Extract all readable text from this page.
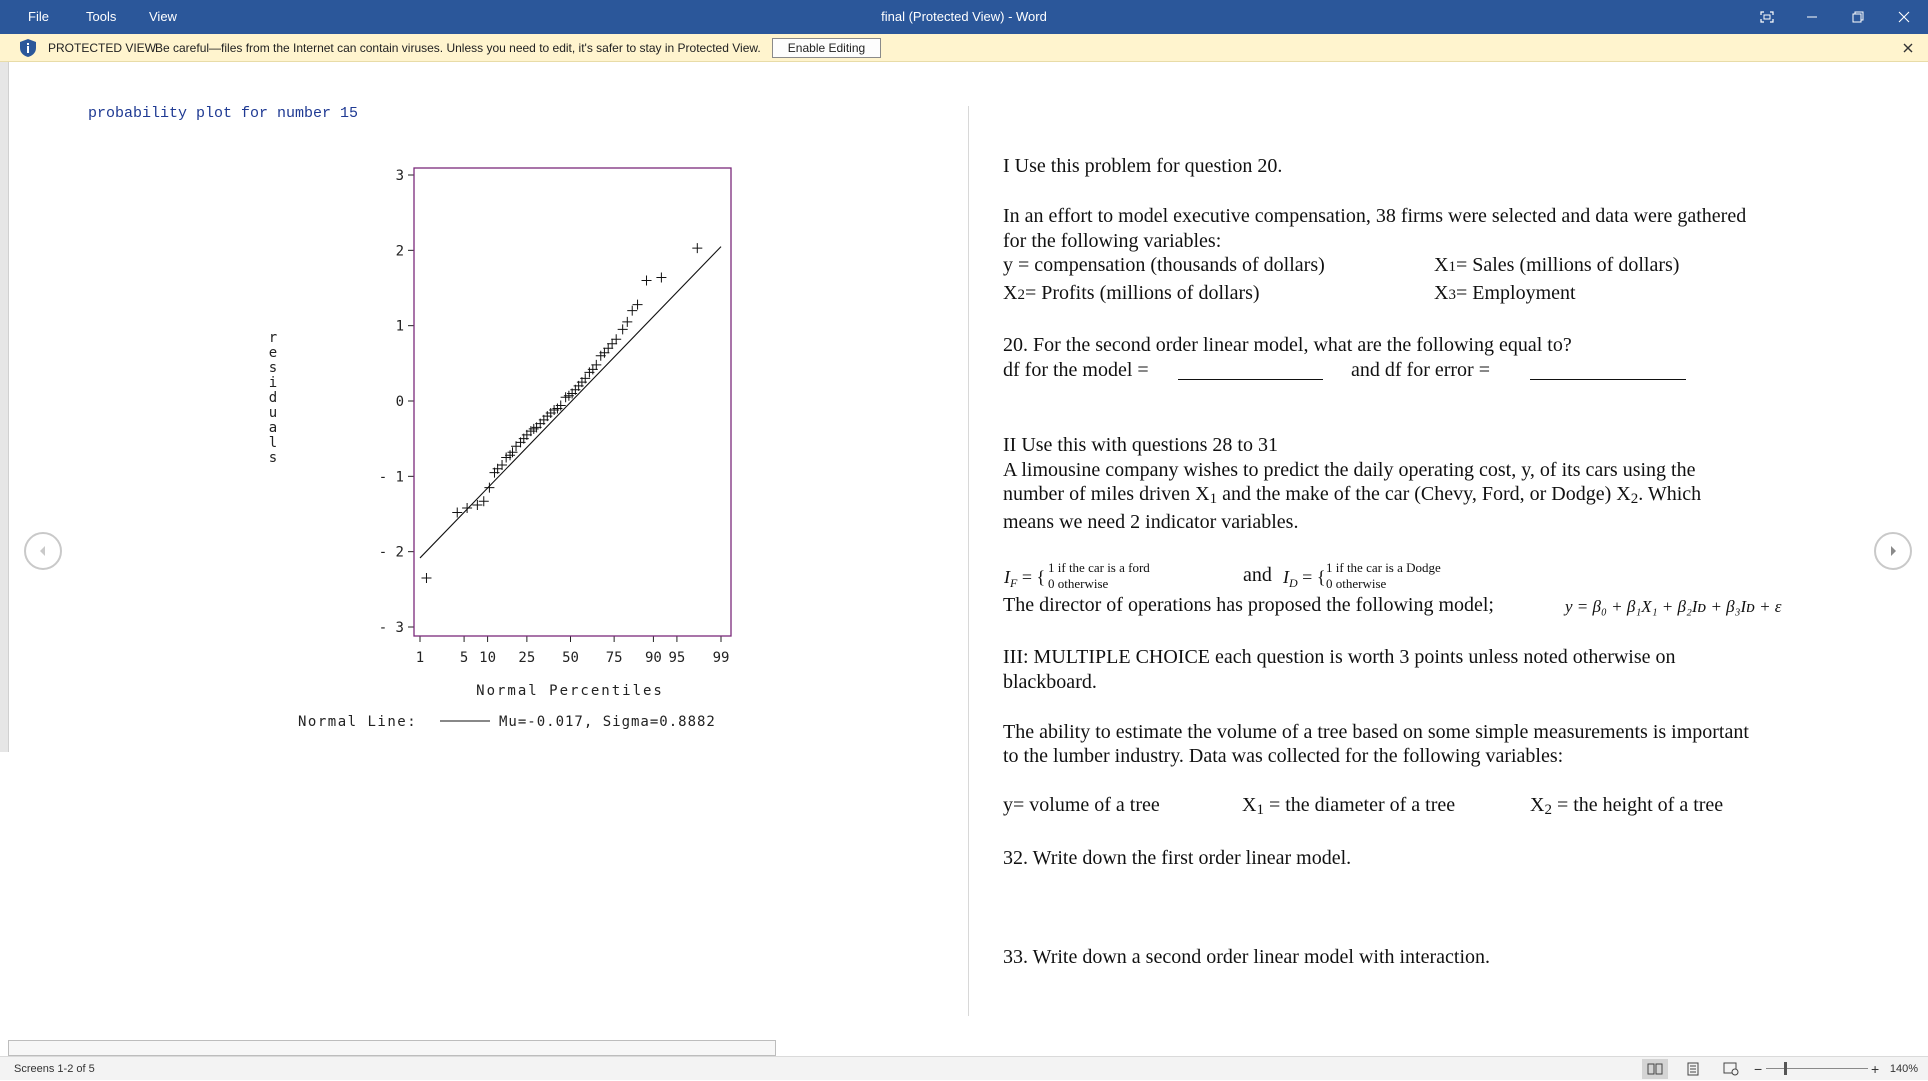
File	Tools	View	final (Protected View) - Word
PROTECTED VIEW
Be careful—files from the Internet can contain viruses. Unless you need to edit, it's safer to stay in Protected View.	Enable Editing
probability plot for number 15
r
e
s
i
d
u
a
l
s
3
2
1
0
- 1
- 2
- 3
1	5 10 25 50 75 90 95 99
Normal Percentiles
Normal Line:	Mu=-0.017, Sigma=0.8882
I Use this problem for question 20.
In an effort to model executive compensation, 38 firms were selected and data were gathered
for the following variables:
y = compensation (thousands of dollars)	X1= Sales (millions of dollars)
X2= Profits (millions of dollars)	X3= Employment
20. For the second order linear model, what are the following equal to?
df for the model =	and df for error =
II Use this with questions 28 to 31
A limousine company wishes to predict the daily operating cost, y, of its cars using the
number of miles driven X1 and the make of the car (Chevy, Ford, or Dodge) X2. Which
means we need 2 indicator variables.
$I_F$ = { 1 if the car is a ford
0 otherwise	and $I_D$ = { 1 if the car is a Dodge
0 otherwise
The director of operations has proposed the following model;	y = β₀ + β₁X₁ + β₂Iᴅ + β₃Iᴅ + ε
III: MULTIPLE CHOICE each question is worth 3 points unless noted otherwise on
blackboard.
The ability to estimate the volume of a tree based on some simple measurements is important
to the lumber industry. Data was collected for the following variables:
y= volume of a tree	X1 = the diameter of a tree	X2 = the height of a tree
32. Write down the first order linear model.
33. Write down a second order linear model with interaction.
Screens 1-2 of 5	−	+ 140%
